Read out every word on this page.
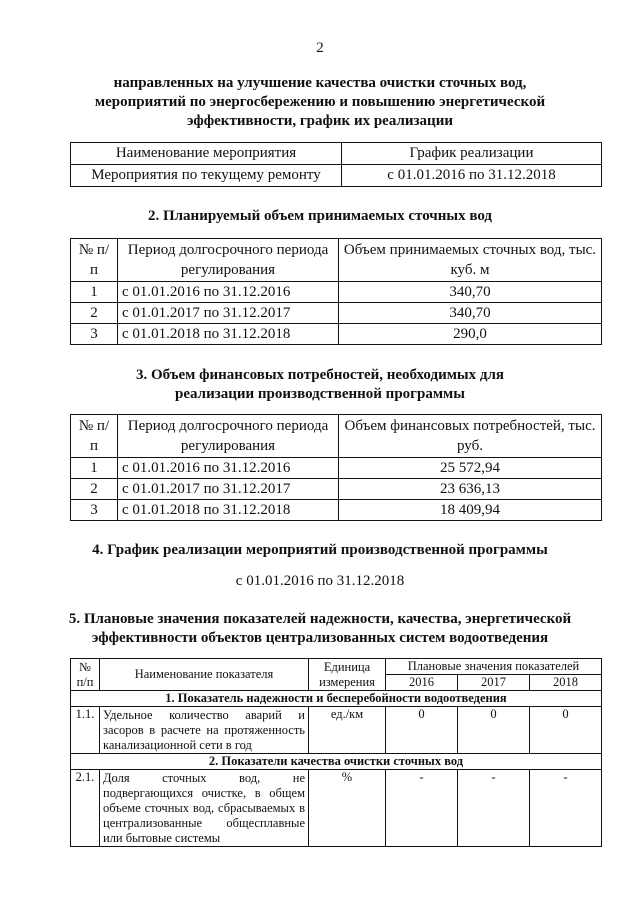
2
направленных на улучшение качества очистки сточных вод,
мероприятий по энергосбережению и повышению энергетической
эффективности, график их реализации
Наименование мероприятия	График реализации
Мероприятия по текущему ремонту	с 01.01.2016 по 31.12.2018
2. Планируемый объем принимаемых сточных вод
№ п/п	Период долгосрочного периода регулирования	Объем принимаемых сточных вод, тыс. куб. м
1	с 01.01.2016 по 31.12.2016	340,70
2	с 01.01.2017 по 31.12.2017	340,70
3	с 01.01.2018 по 31.12.2018	290,0
3. Объем финансовых потребностей, необходимых для
реализации производственной программы
№ п/п	Период долгосрочного периода регулирования	Объем финансовых потребностей, тыс. руб.
1	с 01.01.2016 по 31.12.2016	25 572,94
2	с 01.01.2017 по 31.12.2017	23 636,13
3	с 01.01.2018 по 31.12.2018	18 409,94
4. График реализации мероприятий производственной программы
с 01.01.2016 по 31.12.2018
5. Плановые значения показателей надежности, качества, энергетической
эффективности объектов централизованных систем водоотведения
№ п/п	Наименование показателя	Единица измерения	Плановые значения показателей		
			2016	2017	2018
1. Показатель надежности и бесперебойности водоотведения					
1.1.	Удельное количество аварий и засоров в расчете на протяженность канализационной сети в год	ед./км	0	0	0
2. Показатели качества очистки сточных вод					
2.1.	Доля сточных вод, не подвергающихся очистке, в общем объеме сточных вод, сбрасываемых в централизованные общесплавные или бытовые системы	%	-	-	-
